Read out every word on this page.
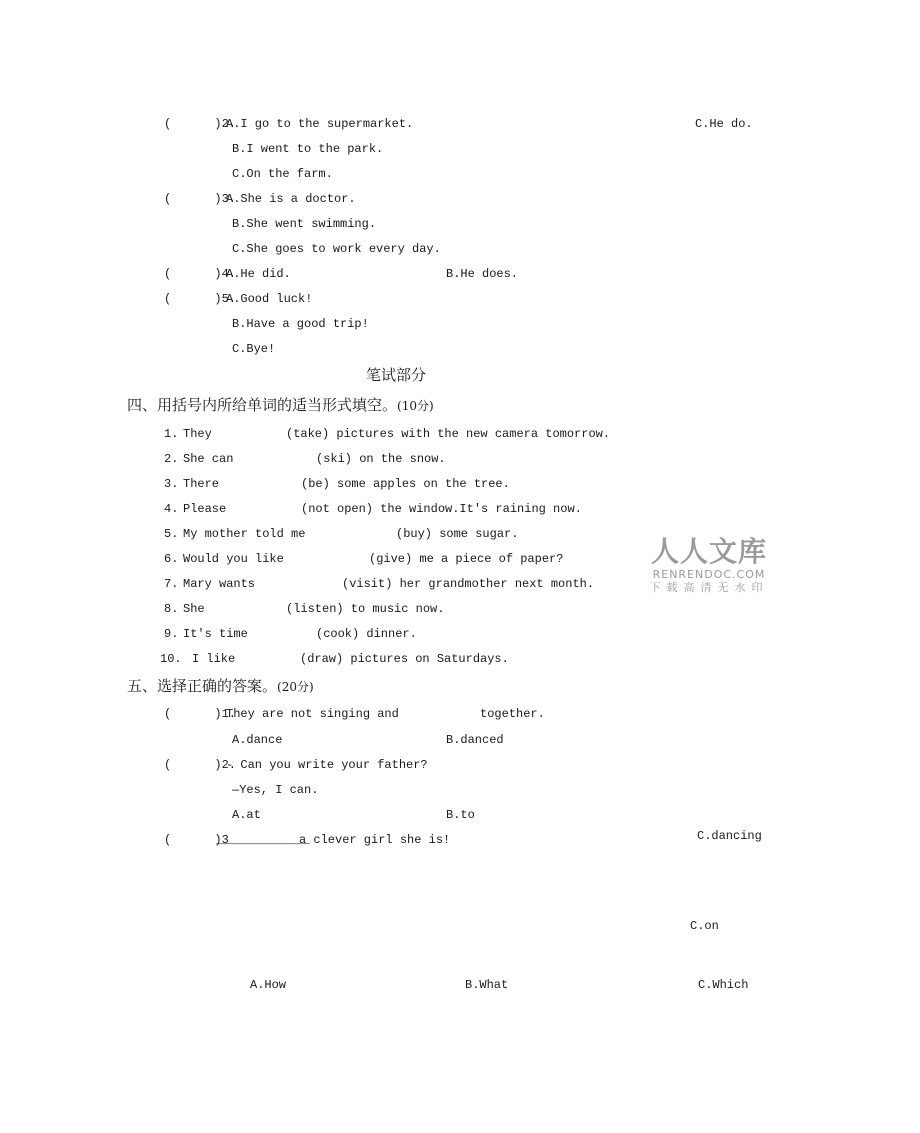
(      )2.
A.I go to the supermarket.	C.He do.
B.I went to the park.
C.On the farm.
(      )3.
A.She is a doctor.
B.She went swimming.
C.She goes to work every day.
(      )4.
A.He did.	B.He does.
(      )5.
A.Good luck!
B.Have a good trip!
C.Bye!
笔试部分
四、用括号内所给单词的适当形式填空。(10分)
1. They	(take) pictures with the new camera tomorrow.
2. She can	(ski) on the snow.
3. There	(be) some apples on the tree.
4. Please	(not open) the window.It's raining now.
5. My mother told me	(buy) some sugar.
6. Would you like	(give) me a piece of paper?
7. Mary wants	(visit) her grandmother next month.
8. She	(listen) to music now.
9. It's time	(cook) dinner.
10. I like	(draw) pictures on Saturdays.
五、选择正确的答案。(20分)
(      )1.
They are not singing and	together.
A.dance	B.danced
(      )2.
- Can you write your father?
—Yes, I can.
A.at	B.to
C.dancing
(      )3
_____________
a clever girl she is!
C.on
A.How	B.What	C.Which
人人文库
RENRENDOC.COM
下载高清无水印
